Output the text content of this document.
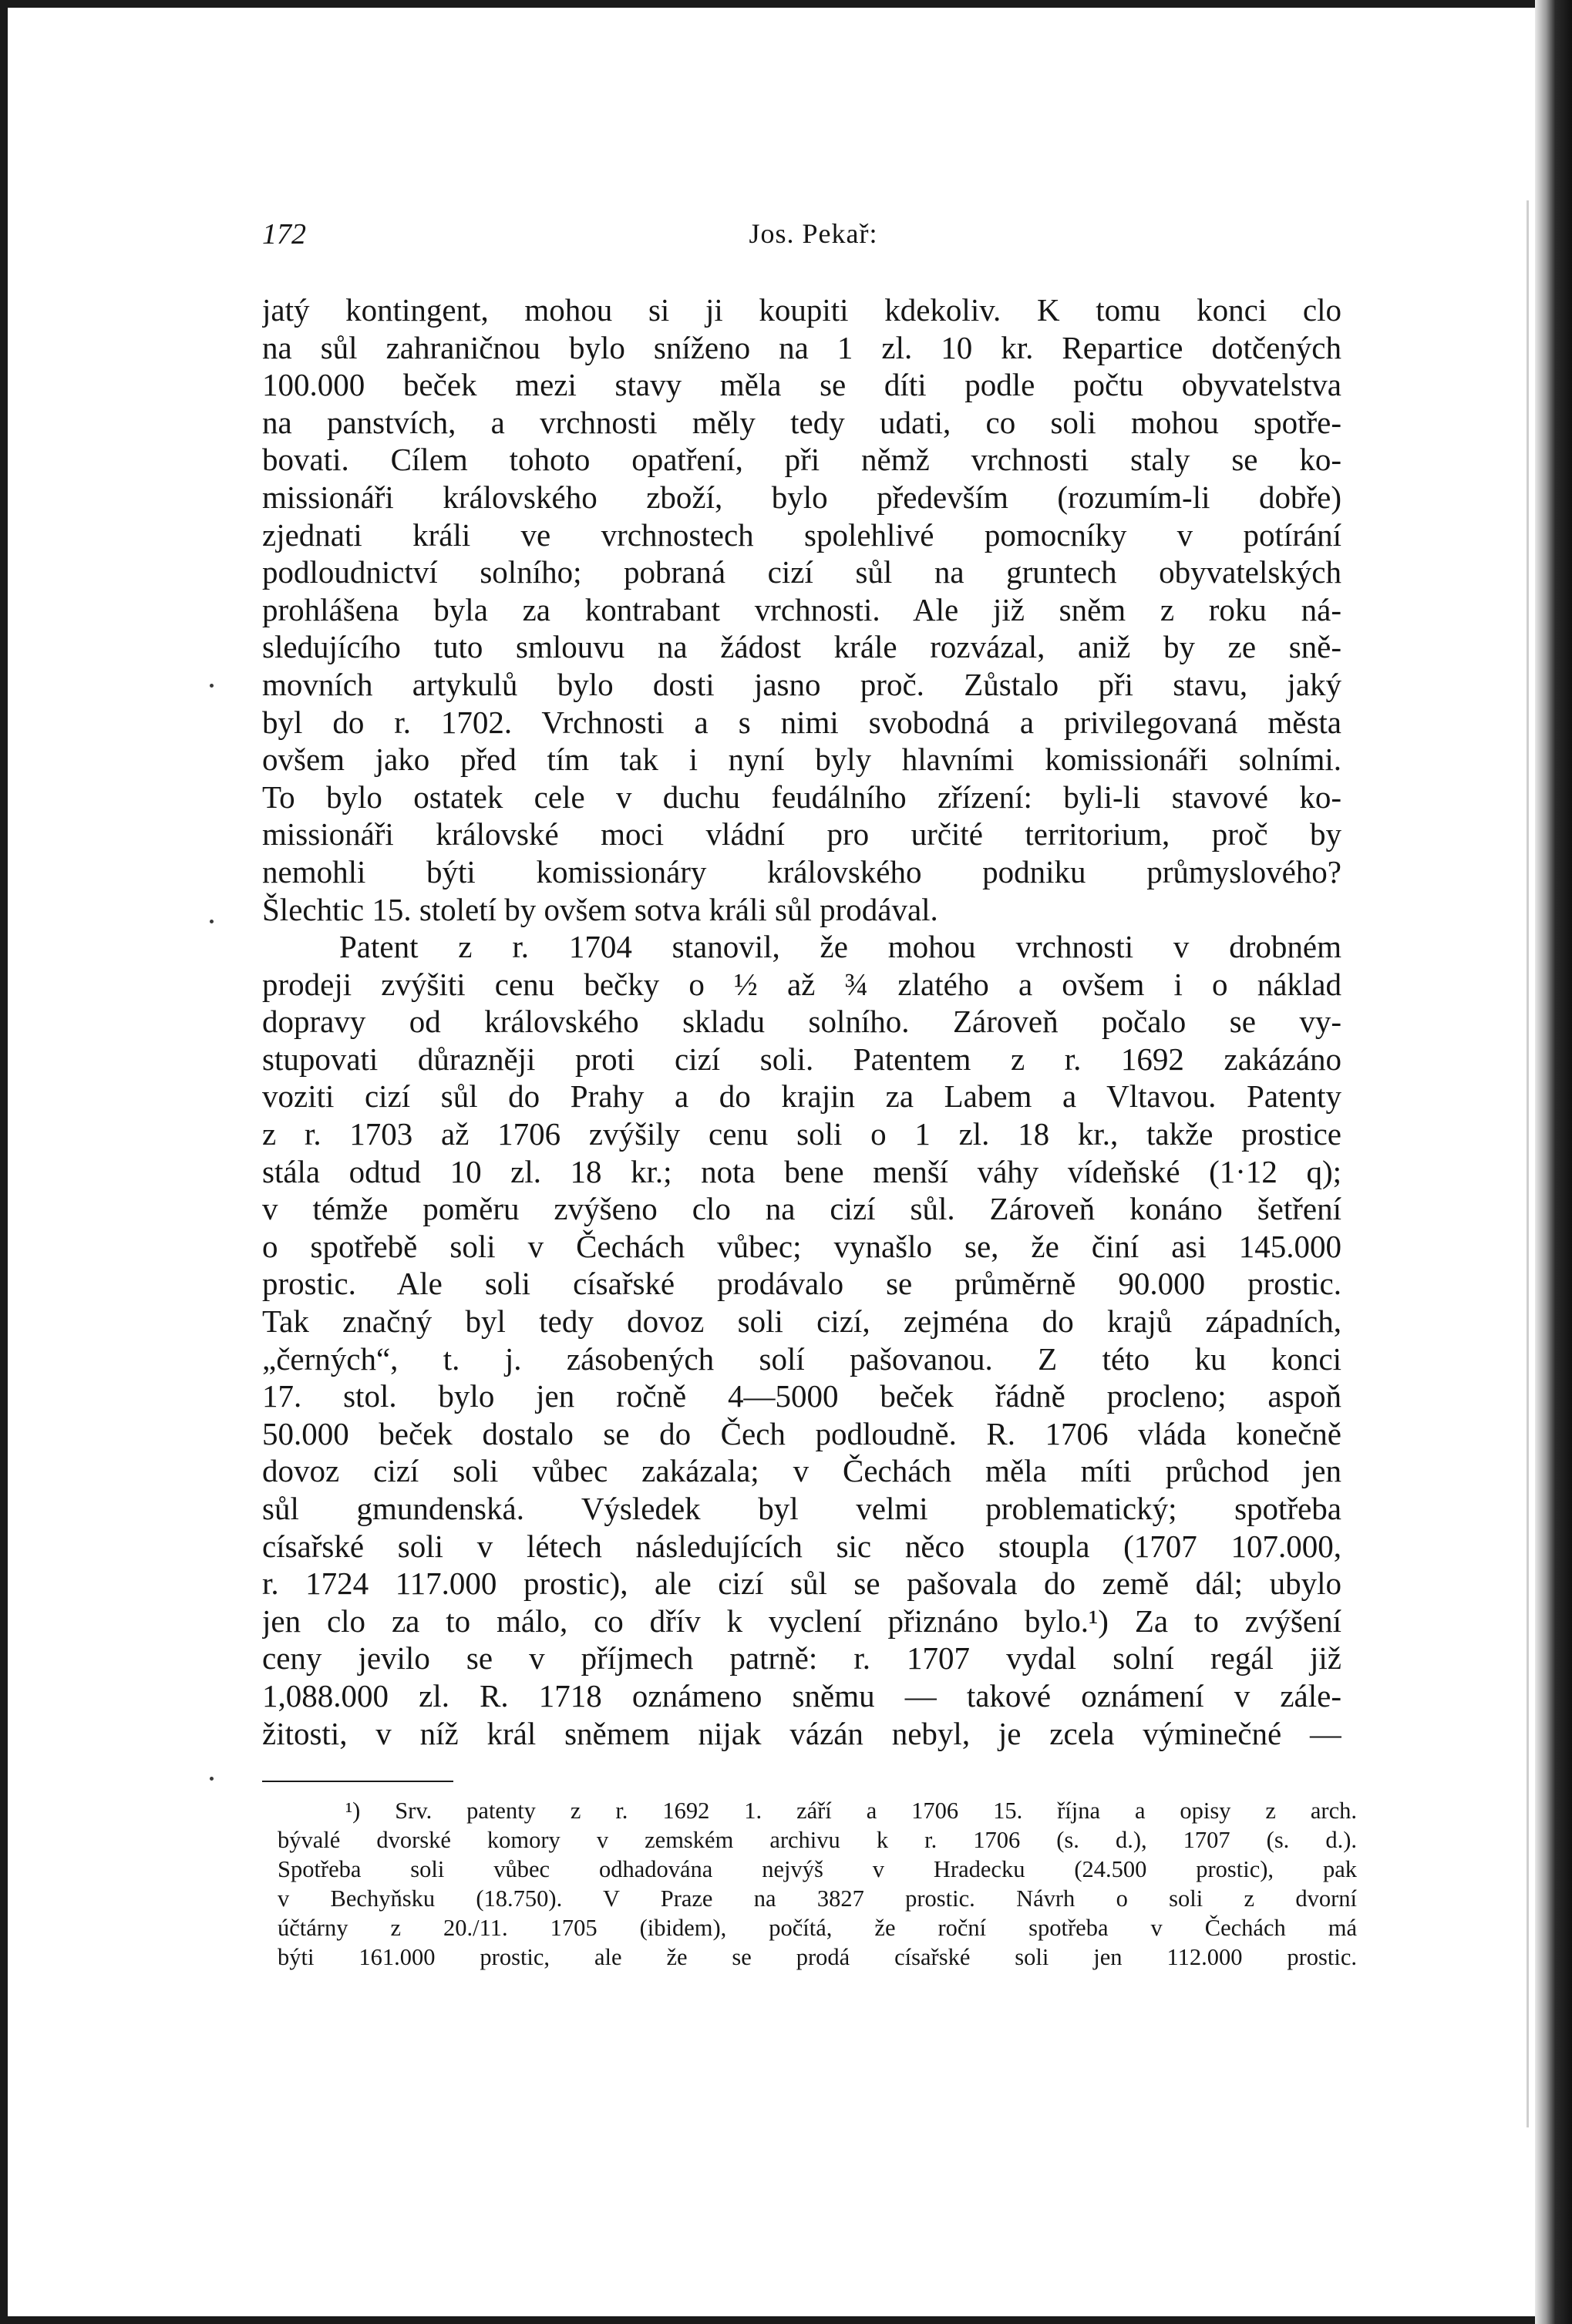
172	Jos. Pekař:
jatý kontingent, mohou si ji koupiti kdekoliv. K tomu konci clo
na sůl zahraničnou bylo sníženo na 1 zl. 10 kr. Repartice dotčených
100.000 beček mezi stavy měla se díti podle počtu obyvatelstva
na panstvích, a vrchnosti měly tedy udati, co soli mohou spotře-
bovati. Cílem tohoto opatření, při němž vrchnosti staly se ko-
missionáři královského zboží, bylo především (rozumím-li dobře)
zjednati králi ve vrchnostech spolehlivé pomocníky v potírání
podloudnictví solního; pobraná cizí sůl na gruntech obyvatelských
prohlášena byla za kontrabant vrchnosti. Ale již sněm z roku ná-
sledujícího tuto smlouvu na žádost krále rozvázal, aniž by ze sně-
movních artykulů bylo dosti jasno proč. Zůstalo při stavu, jaký
byl do r. 1702. Vrchnosti a s nimi svobodná a privilegovaná města
ovšem jako před tím tak i nyní byly hlavními komissionáři solními.
To bylo ostatek cele v duchu feudálního zřízení: byli-li stavové ko-
missionáři královské moci vládní pro určité territorium, proč by
nemohli býti komissionáry královského podniku průmyslového?
Šlechtic 15. století by ovšem sotva králi sůl prodával.
Patent z r. 1704 stanovil, že mohou vrchnosti v drobném
prodeji zvýšiti cenu bečky o ½ až ¾ zlatého a ovšem i o náklad
dopravy od královského skladu solního. Zároveň počalo se vy-
stupovati důrazněji proti cizí soli. Patentem z r. 1692 zakázáno
voziti cizí sůl do Prahy a do krajin za Labem a Vltavou. Patenty
z r. 1703 až 1706 zvýšily cenu soli o 1 zl. 18 kr., takže prostice
stála odtud 10 zl. 18 kr.; nota bene menší váhy vídeňské (1·12 q);
v témže poměru zvýšeno clo na cizí sůl. Zároveň konáno šetření
o spotřebě soli v Čechách vůbec; vynašlo se, že činí asi 145.000
prostic. Ale soli císařské prodávalo se průměrně 90.000 prostic.
Tak značný byl tedy dovoz soli cizí, zejména do krajů západních,
„černých“, t. j. zásobených solí pašovanou. Z této ku konci
17. stol. bylo jen ročně 4—5000 beček řádně procleno; aspoň
50.000 beček dostalo se do Čech podloudně. R. 1706 vláda konečně
dovoz cizí soli vůbec zakázala; v Čechách měla míti průchod jen
sůl gmundenská. Výsledek byl velmi problematický; spotřeba
císařské soli v létech následujících sic něco stoupla (1707 107.000,
r. 1724 117.000 prostic), ale cizí sůl se pašovala do země dál; ubylo
jen clo za to málo, co dřív k vyclení přiznáno bylo.¹) Za to zvýšení
ceny jevilo se v příjmech patrně: r. 1707 vydal solní regál již
1,088.000 zl. R. 1718 oznámeno sněmu — takové oznámení v zále-
žitosti, v níž král sněmem nijak vázán nebyl, je zcela výminečné —
¹) Srv. patenty z r. 1692 1. září a 1706 15. října a opisy z arch.
bývalé dvorské komory v zemském archivu k r. 1706 (s. d.), 1707 (s. d.).
Spotřeba soli vůbec odhadována nejvýš v Hradecku (24.500 prostic), pak
v Bechyňsku (18.750). V Praze na 3827 prostic. Návrh o soli z dvorní
účtárny z 20./11. 1705 (ibidem), počítá, že roční spotřeba v Čechách má
býti 161.000 prostic, ale že se prodá císařské soli jen 112.000 prostic.
